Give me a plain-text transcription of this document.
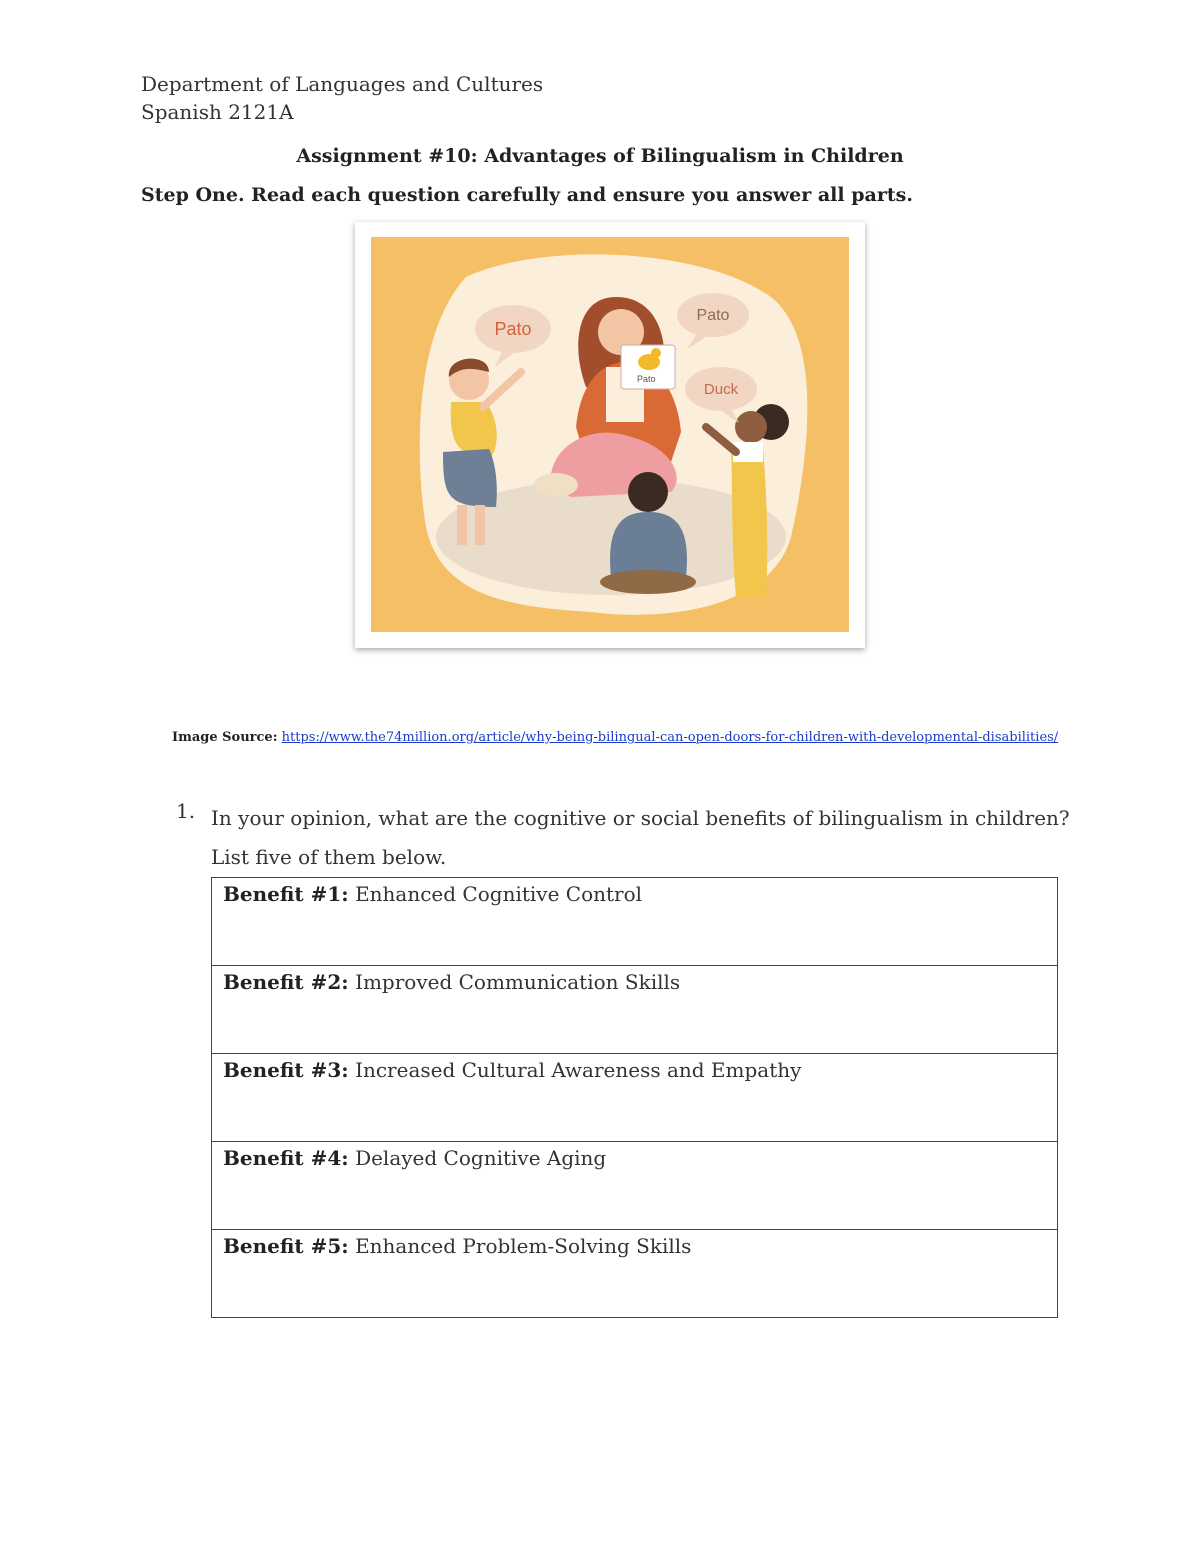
Department of Languages and Cultures
Spanish 2121A
Assignment #10: Advantages of Bilingualism in Children
Step One. Read each question carefully and ensure you answer all parts.
Pato
Pato
Pato
Duck
Image Source: https://www.the74million.org/article/why-being-bilingual-can-open-doors-for-children-with-developmental-disabilities/
1. In your opinion, what are the cognitive or social benefits of bilingualism in children? List five of them below.
Benefit #1: Enhanced Cognitive Control
Benefit #2: Improved Communication Skills
Benefit #3: Increased Cultural Awareness and Empathy
Benefit #4: Delayed Cognitive Aging
Benefit #5: Enhanced Problem-Solving Skills
